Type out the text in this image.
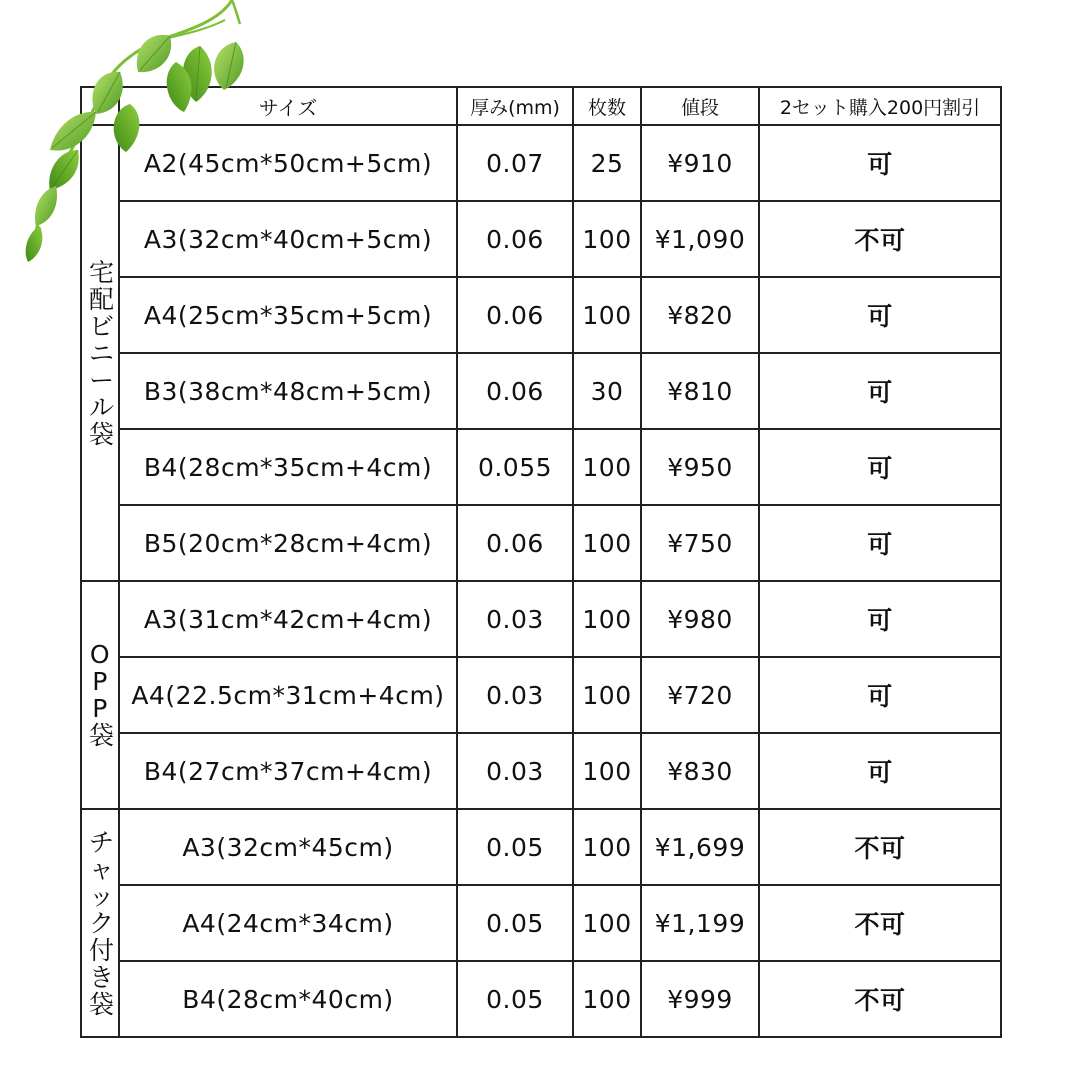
	サイズ	厚み(mm)	枚数	値段	2セット購入200円割引
宅配ビニール袋	A2(45cm*50cm+5cm)	0.07	25	¥910	可
	A3(32cm*40cm+5cm)	0.06	100	¥1,090	不可
	A4(25cm*35cm+5cm)	0.06	100	¥820	可
	B3(38cm*48cm+5cm)	0.06	30	¥810	可
	B4(28cm*35cm+4cm)	0.055	100	¥950	可
	B5(20cm*28cm+4cm)	0.06	100	¥750	可
OPP袋	A3(31cm*42cm+4cm)	0.03	100	¥980	可
	A4(22.5cm*31cm+4cm)	0.03	100	¥720	可
	B4(27cm*37cm+4cm)	0.03	100	¥830	可
チャック付き袋	A3(32cm*45cm)	0.05	100	¥1,699	不可
	A4(24cm*34cm)	0.05	100	¥1,199	不可
	B4(28cm*40cm)	0.05	100	¥999	不可
